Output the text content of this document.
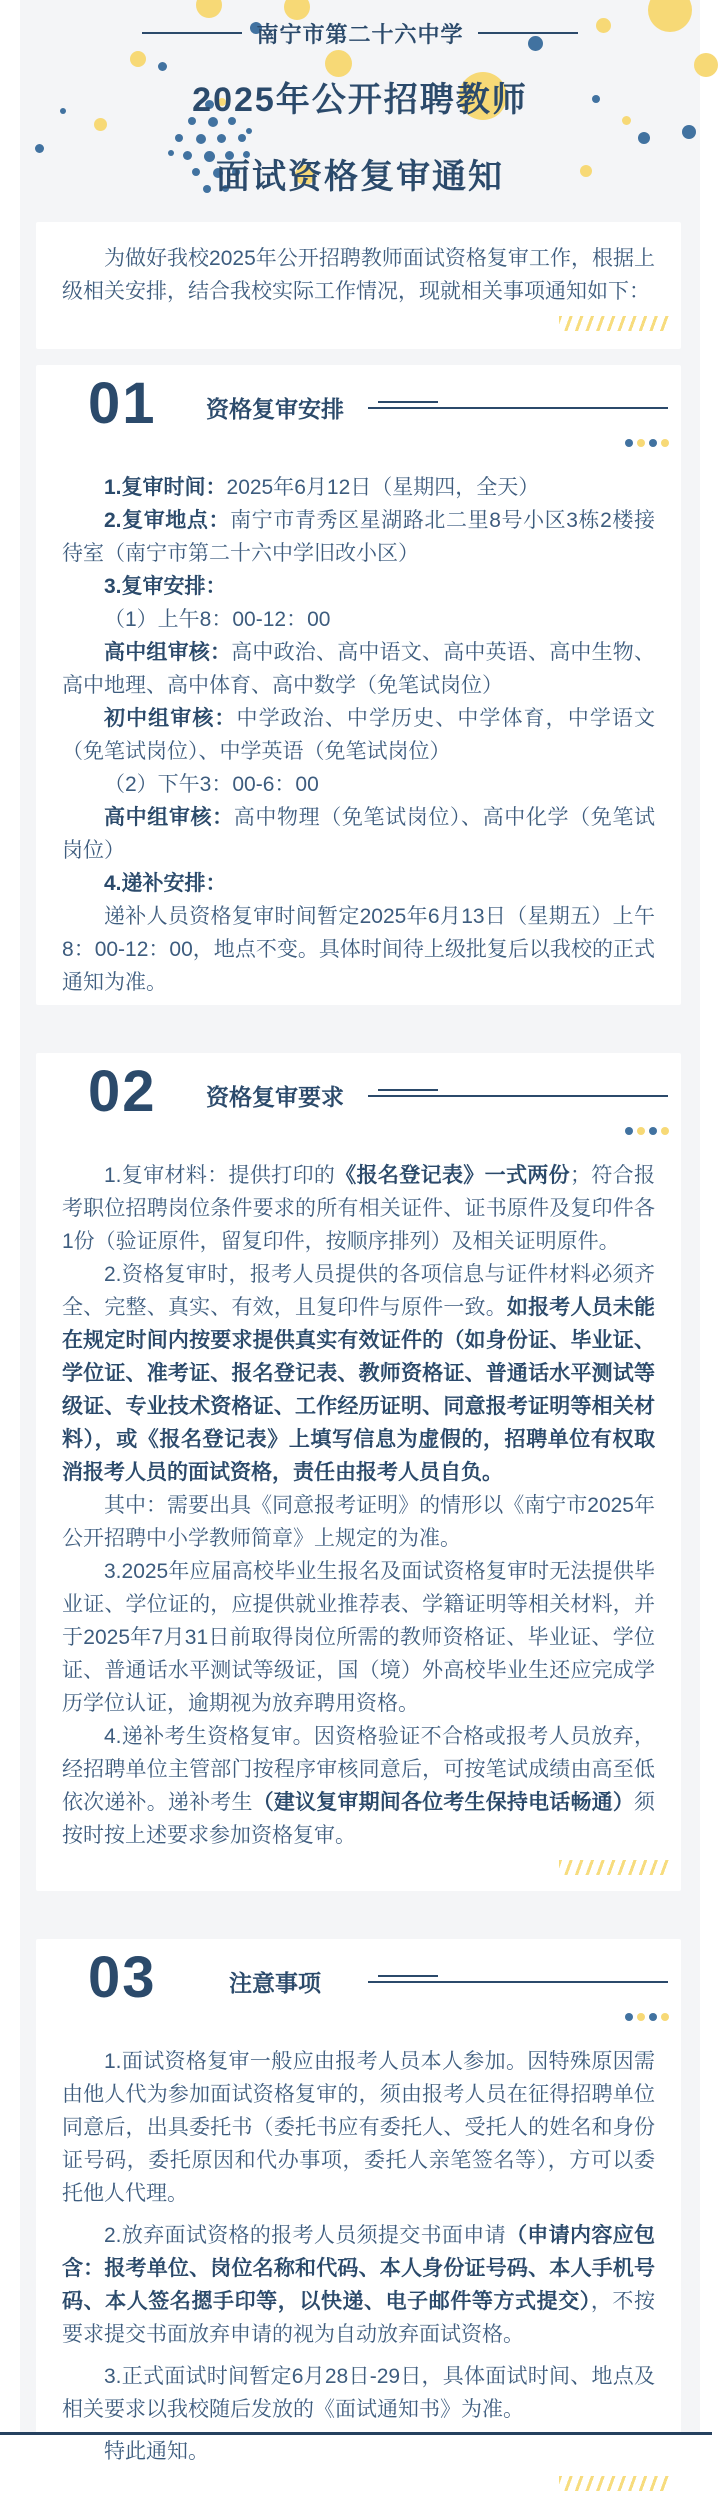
南宁市第二十六中学
2025年公开招聘教师
面试资格复审通知

为做好我校2025年公开招聘教师面试资格复审工作，根据上级相关安排，结合我校实际工作情况，现就相关事项通知如下：

01	资格复审安排

1.复审时间：2025年6月12日（星期四，全天）

2.复审地点：南宁市青秀区星湖路北二里8号小区3栋2楼接待室（南宁市第二十六中学旧改小区）

3.复审安排：

（1）上午8：00-12：00

高中组审核：高中政治、高中语文、高中英语、高中生物、高中地理、高中体育、高中数学（免笔试岗位）

初中组审核：中学政治、中学历史、中学体育，中学语文（免笔试岗位）、中学英语（免笔试岗位）

（2）下午3：00-6：00

高中组审核：高中物理（免笔试岗位）、高中化学（免笔试岗位）

4.递补安排：

递补人员资格复审时间暂定2025年6月13日（星期五）上午8：00-12：00，地点不变。具体时间待上级批复后以我校的正式通知为准。

02	资格复审要求

1.复审材料：提供打印的《报名登记表》一式两份；符合报考职位招聘岗位条件要求的所有相关证件、证书原件及复印件各1份（验证原件，留复印件，按顺序排列）及相关证明原件。

2.资格复审时，报考人员提供的各项信息与证件材料必须齐全、完整、真实、有效，且复印件与原件一致。如报考人员未能在规定时间内按要求提供真实有效证件的（如身份证、毕业证、学位证、准考证、报名登记表、教师资格证、普通话水平测试等级证、专业技术资格证、工作经历证明、同意报考证明等相关材料），或《报名登记表》上填写信息为虚假的，招聘单位有权取消报考人员的面试资格，责任由报考人员自负。

其中：需要出具《同意报考证明》的情形以《南宁市2025年公开招聘中小学教师简章》上规定的为准。

3.2025年应届高校毕业生报名及面试资格复审时无法提供毕业证、学位证的，应提供就业推荐表、学籍证明等相关材料，并于2025年7月31日前取得岗位所需的教师资格证、毕业证、学位证、普通话水平测试等级证，国（境）外高校毕业生还应完成学历学位认证，逾期视为放弃聘用资格。

4.递补考生资格复审。因资格验证不合格或报考人员放弃，经招聘单位主管部门按程序审核同意后，可按笔试成绩由高至低依次递补。递补考生（建议复审期间各位考生保持电话畅通）须按时按上述要求参加资格复审。

03	注意事项

1.面试资格复审一般应由报考人员本人参加。因特殊原因需由他人代为参加面试资格复审的，须由报考人员在征得招聘单位同意后，出具委托书（委托书应有委托人、受托人的姓名和身份证号码，委托原因和代办事项，委托人亲笔签名等），方可以委托他人代理。

2.放弃面试资格的报考人员须提交书面申请（申请内容应包含：报考单位、岗位名称和代码、本人身份证号码、本人手机号码、本人签名摁手印等，以快递、电子邮件等方式提交），不按要求提交书面放弃申请的视为自动放弃面试资格。

3.正式面试时间暂定6月28日-29日，具体面试时间、地点及相关要求以我校随后发放的《面试通知书》为准。

特此通知。
